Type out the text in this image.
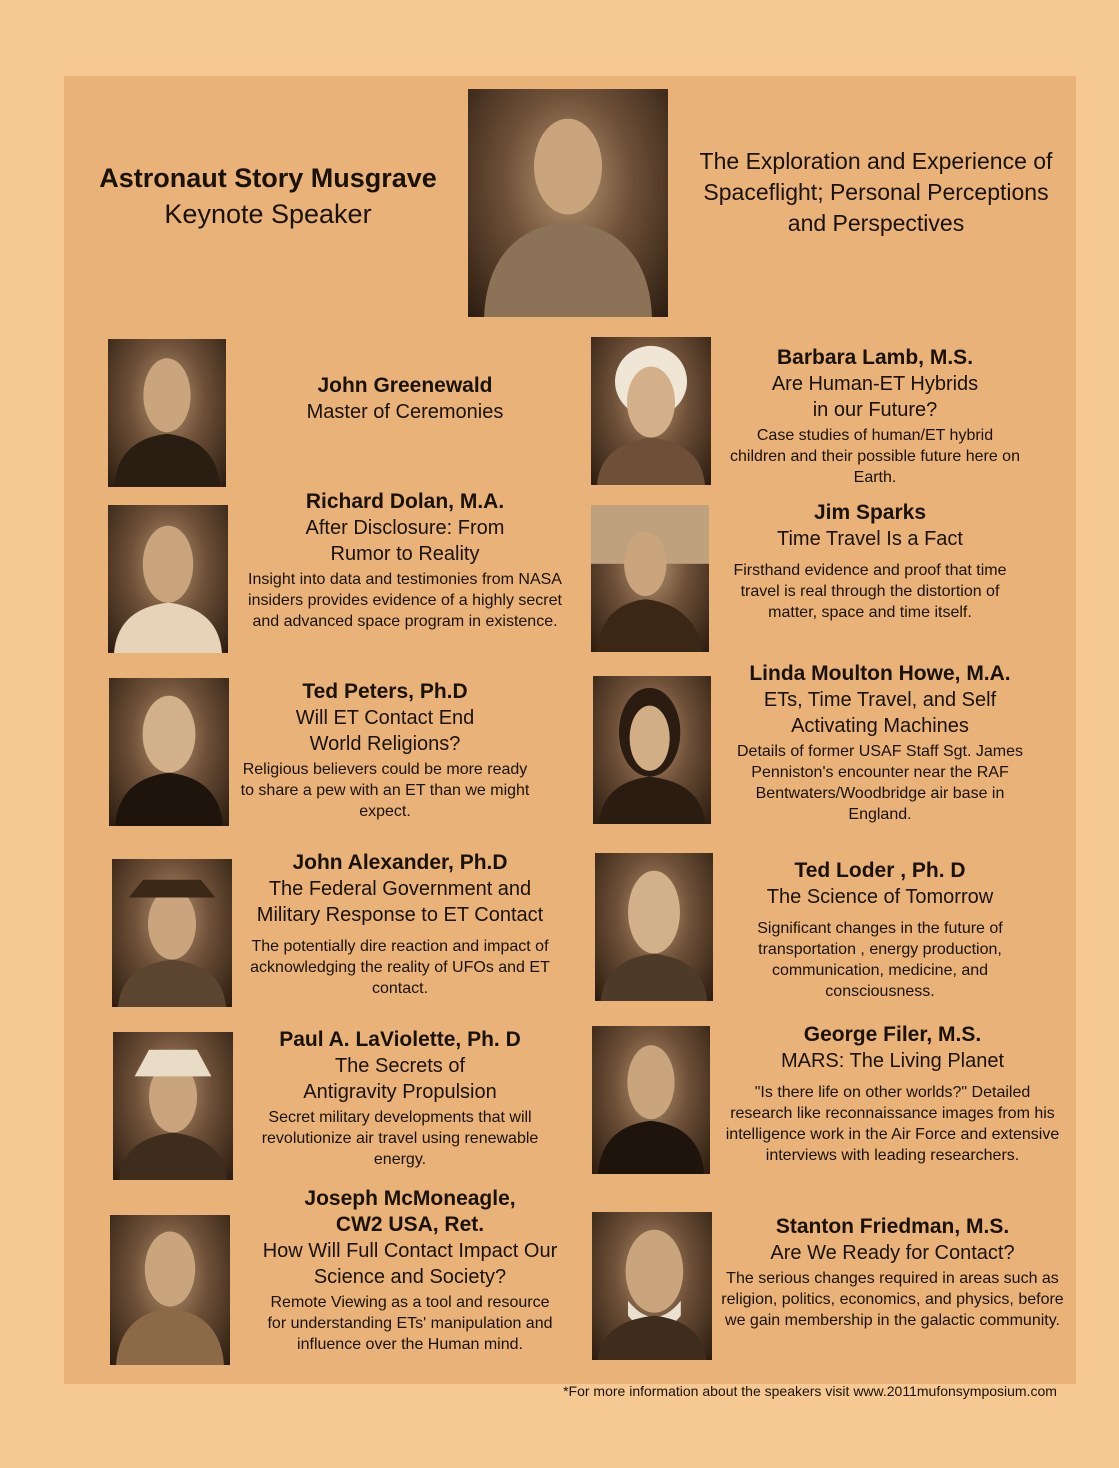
Astronaut Story Musgrave
Keynote Speaker
The Exploration and Experience of Spaceflight; Personal Perceptions and Perspectives
John Greenewald
Master of Ceremonies
Richard Dolan, M.A.
After Disclosure: From Rumor to Reality
Insight into data and testimonies from NASA insiders provides evidence of a highly secret and advanced space program in existence.
Ted Peters, Ph.D
Will ET Contact End World Religions?
Religious believers could be more ready to share a pew with an ET than we might expect.
John Alexander, Ph.D
The Federal Government and Military Response to ET Contact
The potentially dire reaction and impact of acknowledging the reality of UFOs and ET contact.
Paul A. LaViolette, Ph. D
The Secrets of Antigravity Propulsion
Secret military developments that will revolutionize air travel using renewable energy.
Joseph McMoneagle, CW2 USA, Ret.
How Will Full Contact Impact Our Science and Society?
Remote Viewing as a tool and resource for understanding ETs' manipulation and influence over the Human mind.
Barbara Lamb, M.S.
Are Human-ET Hybrids in our Future?
Case studies of human/ET hybrid children and their possible future here on Earth.
Jim Sparks
Time Travel Is a Fact
Firsthand evidence and proof that time travel is real through the distortion of matter, space and time itself.
Linda Moulton Howe, M.A.
ETs, Time Travel, and Self Activating Machines
Details of former USAF Staff Sgt. James Penniston's encounter near the RAF Bentwaters/Woodbridge air base in England.
Ted Loder , Ph. D
The Science of Tomorrow
Significant changes in the future of transportation , energy production, communication, medicine, and consciousness.
George Filer, M.S.
MARS: The Living Planet
"Is there life on other worlds?" Detailed research like reconnaissance images from his intelligence work in the Air Force and extensive interviews with leading researchers.
Stanton Friedman, M.S.
Are We Ready for Contact?
The serious changes required in areas such as religion, politics, economics, and physics, before we gain membership in the galactic community.
*For more information about the speakers visit www.2011mufonsymposium.com
